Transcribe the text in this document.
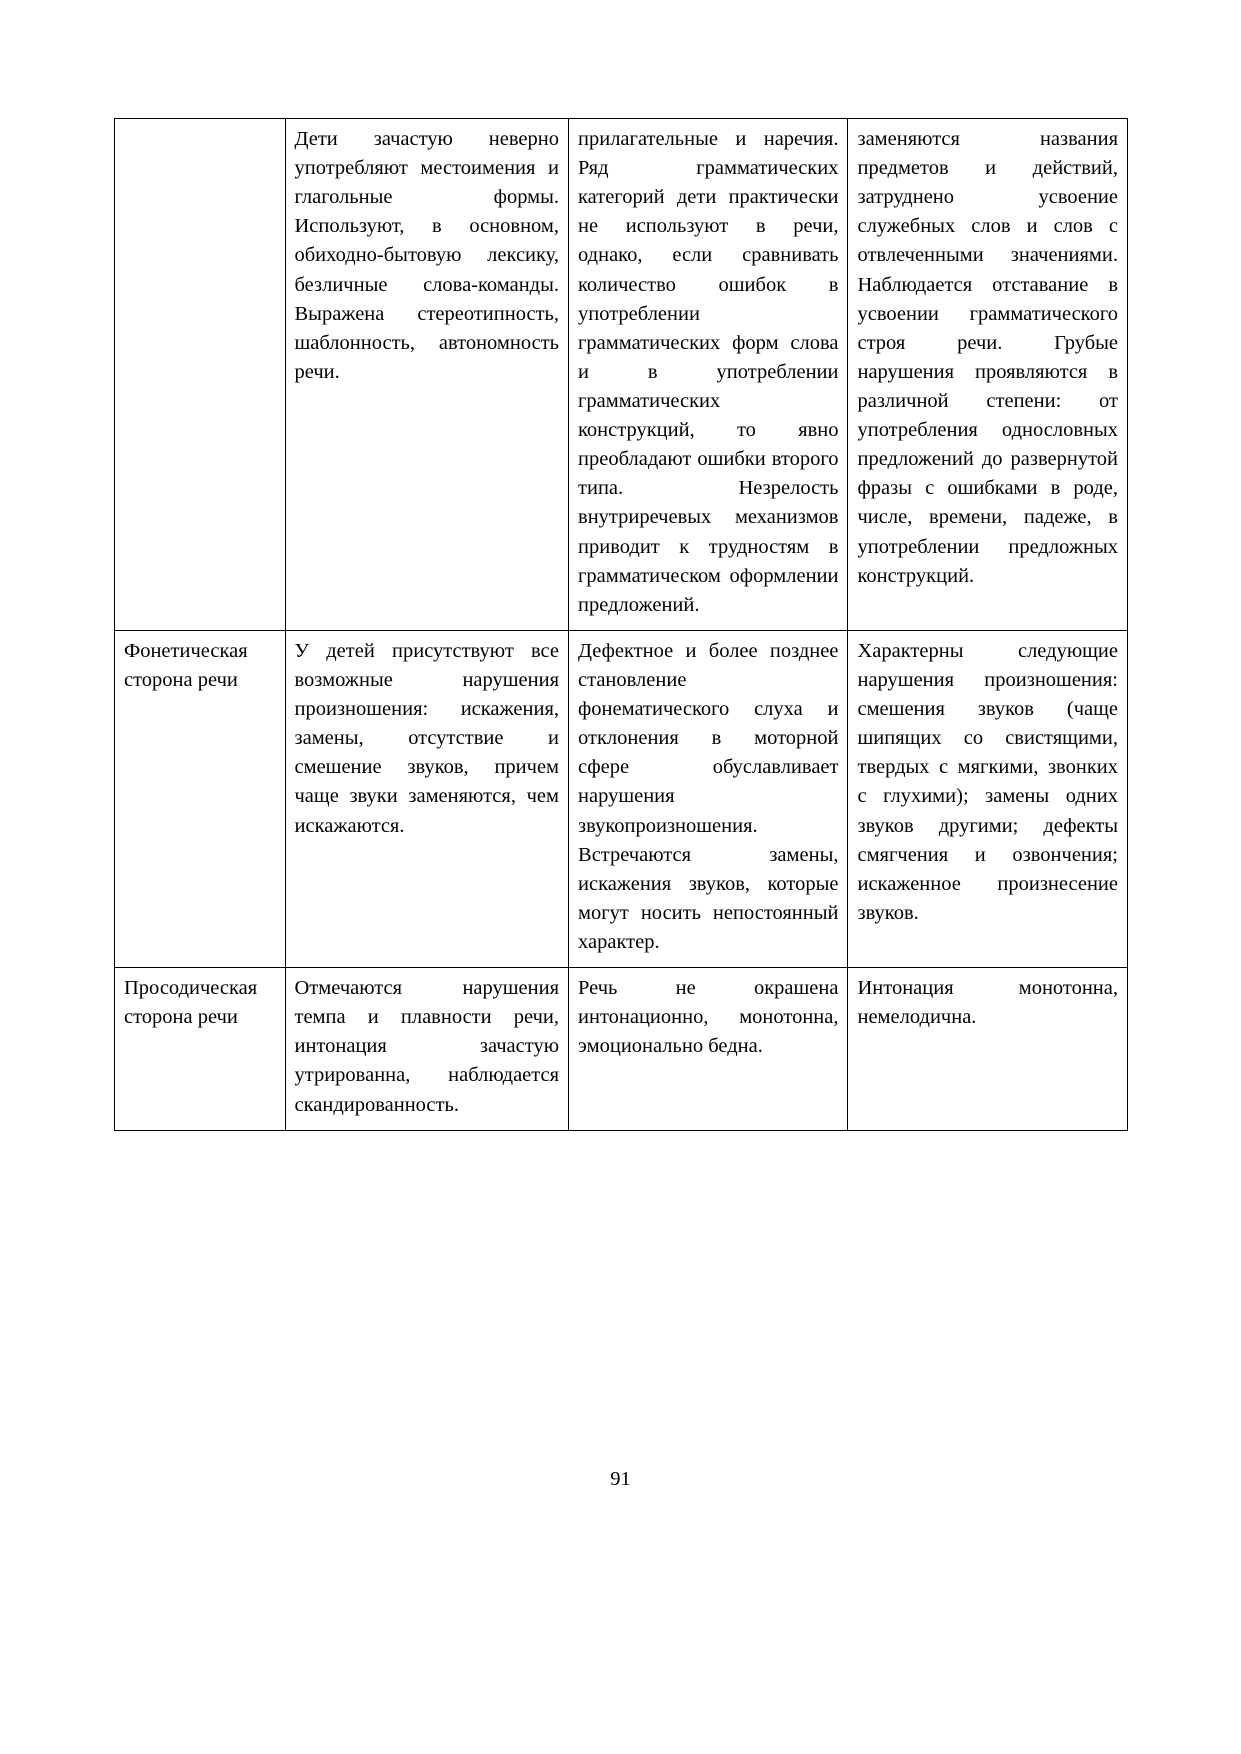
	Дети зачастую неверно употребляют местоимения и глагольные формы. Используют, в основном, обиходно-бытовую лексику, безличные слова-команды. Выражена стереотипность, шаблонность, автономность речи.	прилагательные и наречия. Ряд грамматических категорий дети практически не используют в речи, однако, если сравнивать количество ошибок в употреблении грамматических форм слова и в употреблении грамматических конструкций, то явно преобладают ошибки второго типа. Незрелость внутриречевых механизмов приводит к трудностям в грамматическом оформлении предложений.	заменяются названия предметов и действий, затруднено усвоение служебных слов и слов с отвлеченными значениями. Наблюдается отставание в усвоении грамматического строя речи. Грубые нарушения проявляются в различной степени: от употребления однословных предложений до развернутой фразы с ошибками в роде, числе, времени, падеже, в употреблении предложных конструкций.
Фонетическая сторона речи	У детей присутствуют все возможные нарушения произношения: искажения, замены, отсутствие и смешение звуков, причем чаще звуки заменяются, чем искажаются.	Дефектное и более позднее становление фонематического слуха и отклонения в моторной сфере обуславливает нарушения звукопроизношения. Встречаются замены, искажения звуков, которые могут носить непостоянный характер.	Характерны следующие нарушения произношения: смешения звуков (чаще шипящих со свистящими, твердых с мягкими, звонких с глухими); замены одних звуков другими; дефекты смягчения и озвончения; искаженное произнесение звуков.
Просодическая сторона речи	Отмечаются нарушения темпа и плавности речи, интонация зачастую утрированна, наблюдается скандированность.	Речь не окрашена интонационно, монотонна, эмоционально бедна.	Интонация монотонна, немелодична.
91
